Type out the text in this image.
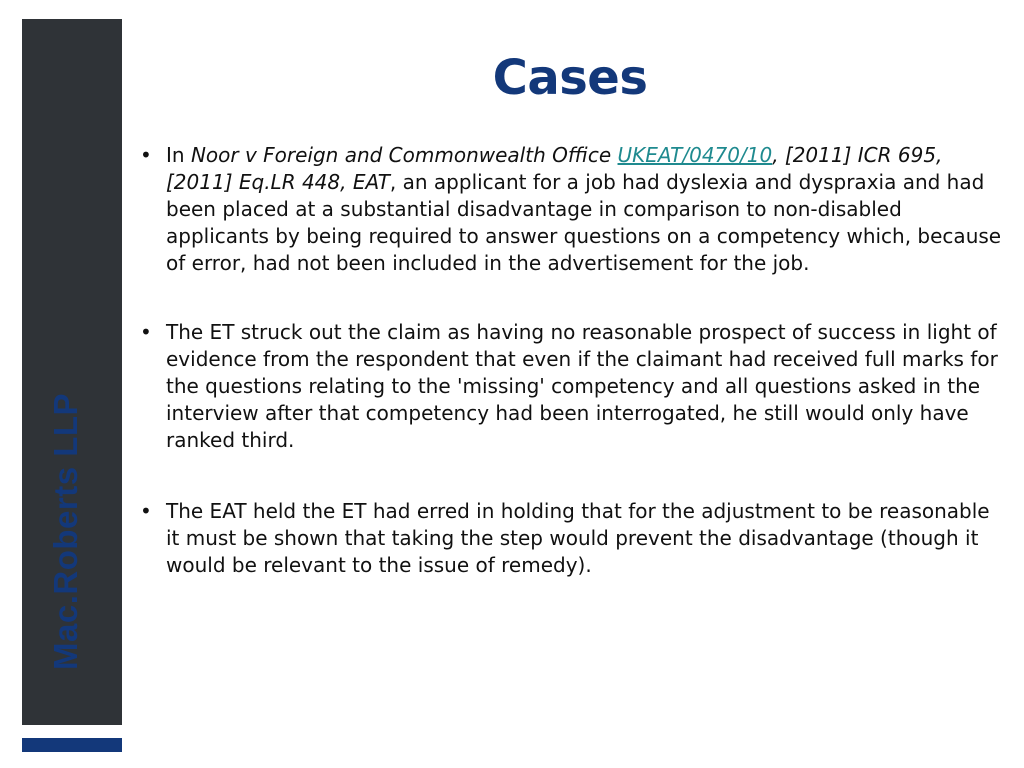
Mac.Roberts LLP
Cases
• In Noor v Foreign and Commonwealth Office UKEAT/0470/10, [2011] ICR 695, [2011] Eq.LR 448, EAT, an applicant for a job had dyslexia and dyspraxia and had been placed at a substantial disadvantage in comparison to non-disabled applicants by being required to answer questions on a competency which, because of error, had not been included in the advertisement for the job.
• The ET struck out the claim as having no reasonable prospect of success in light of evidence from the respondent that even if the claimant had received full marks for the questions relating to the 'missing' competency and all questions asked in the interview after that competency had been interrogated, he still would only have ranked third.
• The EAT held the ET had erred in holding that for the adjustment to be reasonable it must be shown that taking the step would prevent the disadvantage (though it would be relevant to the issue of remedy).
